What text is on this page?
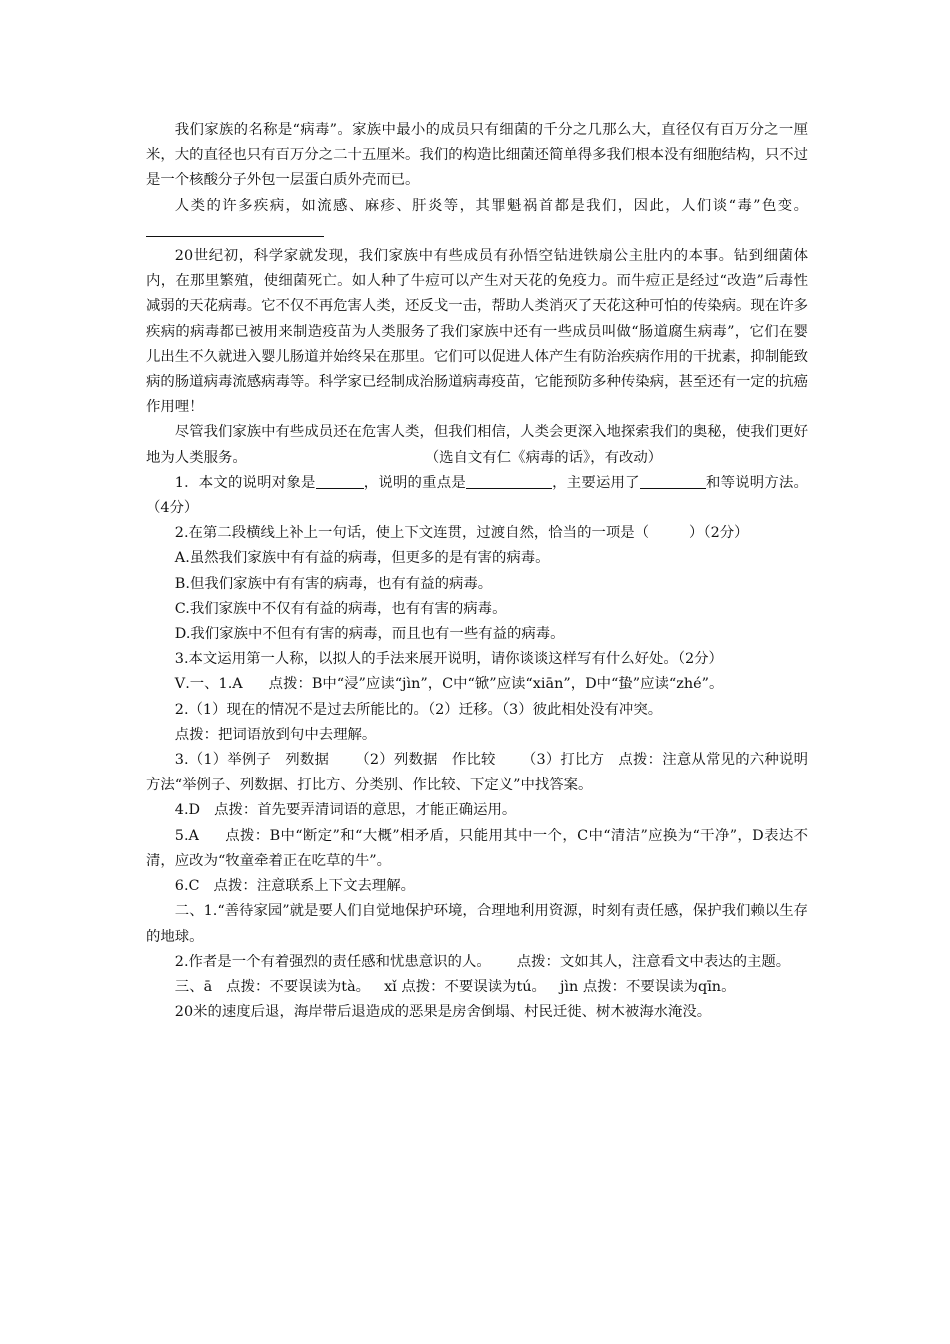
我们家族的名称是“病毒”。家族中最小的成员只有细菌的千分之几那么大，直径仅有百万分之一厘米，大的直径也只有百万分之二十五厘米。我们的构造比细菌还简单得多我们根本没有细胞结构，只不过是一个核酸分子外包一层蛋白质外壳而已。

人类的许多疾病，如流感、麻疹、肝炎等，其罪魁祸首都是我们，因此，人们谈“毒”色变。

20世纪初，科学家就发现，我们家族中有些成员有孙悟空钻进铁扇公主肚内的本事。钻到细菌体内，在那里繁殖，使细菌死亡。如人种了牛痘可以产生对天花的免疫力。而牛痘正是经过“改造”后毒性减弱的天花病毒。它不仅不再危害人类，还反戈一击，帮助人类消灭了天花这种可怕的传染病。现在许多疾病的病毒都已被用来制造疫苗为人类服务了我们家族中还有一些成员叫做“肠道腐生病毒”，它们在婴儿出生不久就进入婴儿肠道并始终呆在那里。它们可以促进人体产生有防治疾病作用的干扰素，抑制能致病的肠道病毒流感病毒等。科学家已经制成治肠道病毒疫苗，它能预防多种传染病，甚至还有一定的抗癌作用哩！

尽管我们家族中有些成员还在危害人类，但我们相信，人类会更深入地探索我们的奥秘，使我们更好地为人类服务。	（选自文有仁《病毒的话》，有改动）

1．本文的说明对象是	，说明的重点是	，主要运用了	和等说明方法。（4分）

2.在第二段横线上补上一句话，使上下文连贯，过渡自然，恰当的一项是（	）（2分）

A.虽然我们家族中有有益的病毒，但更多的是有害的病毒。

B.但我们家族中有有害的病毒，也有有益的病毒。

C.我们家族中不仅有有益的病毒，也有有害的病毒。

D.我们家族中不但有有害的病毒，而且也有一些有益的病毒。

3.本文运用第一人称，以拟人的手法来展开说明，请你谈谈这样写有什么好处。（2分）

Ⅴ.一、1.A 点拨：B中“浸”应读“jìn”，C中“锨”应读“xiān”，D中“蛰”应读“zhé”。

2.（1）现在的情况不是过去所能比的。（2）迁移。（3）彼此相处没有冲突。

点拨：把词语放到句中去理解。

3.（1）举例子 列数据 （2）列数据 作比较 （3）打比方 点拨：注意从常见的六种说明方法“举例子、列数据、打比方、分类别、作比较、下定义”中找答案。

4.D 点拨：首先要弄清词语的意思，才能正确运用。

5.A 点拨：B中“断定”和“大概”相矛盾，只能用其中一个，C中“清洁”应换为“干净”，D表达不清，应改为“牧童牵着正在吃草的牛”。

6.C 点拨：注意联系上下文去理解。

二、1.“善待家园”就是要人们自觉地保护环境，合理地利用资源，时刻有责任感，保护我们赖以生存的地球。

2.作者是一个有着强烈的责任感和忧患意识的人。 点拨：文如其人，注意看文中表达的主题。

三、ā 点拨：不要误读为tà。 xǐ 点拨：不要误读为tú。 jìn 点拨：不要误读为qīn。

20米的速度后退，海岸带后退造成的恶果是房舍倒塌、村民迁徙、树木被海水淹没。
